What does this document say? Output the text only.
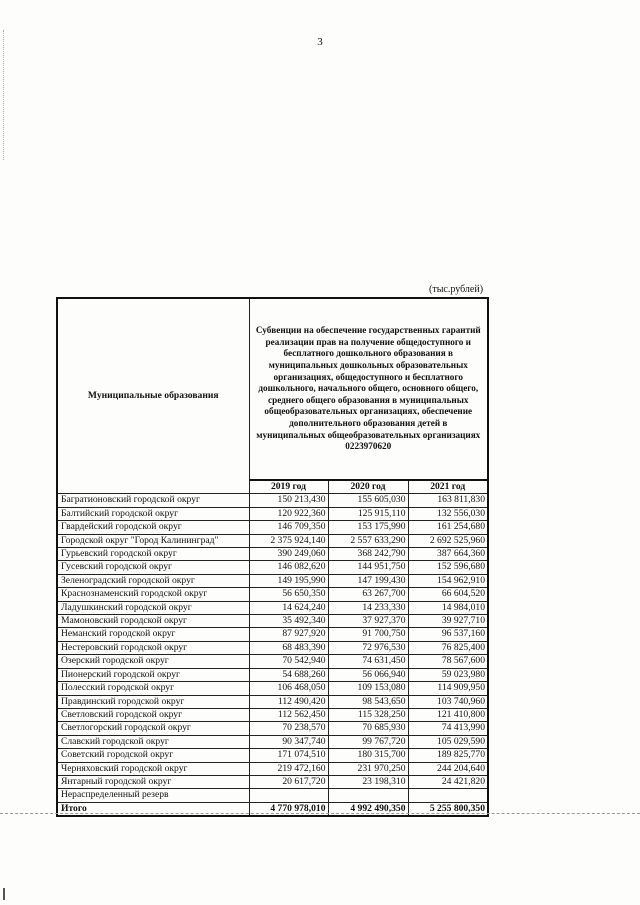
3
(тыс.рублей)
Муниципальные образования	Субвенции на обеспечение государственных гарантий реализации прав на получение общедоступного и бесплатного дошкольного образования в муниципальных дошкольных образовательных организациях, общедоступного и бесплатного дошкольного, начального общего, основного общего, среднего общего образования в муниципальных общеобразовательных организациях, обеспечение дополнительного образования детей в муниципальных общеобразовательных организациях 0223970620		
	2019 год	2020 год	2021 год
Багратионовский городской округ	150 213,430	155 605,030	163 811,830
Балтийский городской округ	120 922,360	125 915,110	132 556,030
Гвардейский городской округ	146 709,350	153 175,990	161 254,680
Городской округ "Город Калининград"	2 375 924,140	2 557 633,290	2 692 525,960
Гурьевский городской округ	390 249,060	368 242,790	387 664,360
Гусевский городской округ	146 082,620	144 951,750	152 596,680
Зеленоградский городской округ	149 195,990	147 199,430	154 962,910
Краснознаменский городской округ	56 650,350	63 267,700	66 604,520
Ладушкинский городской округ	14 624,240	14 233,330	14 984,010
Мамоновский городской округ	35 492,340	37 927,370	39 927,710
Неманский городской округ	87 927,920	91 700,750	96 537,160
Нестеровский городской округ	68 483,390	72 976,530	76 825,400
Озерский городской округ	70 542,940	74 631,450	78 567,600
Пионерский городской округ	54 688,260	56 066,940	59 023,980
Полесский городской округ	106 468,050	109 153,080	114 909,950
Правдинский городской округ	112 490,420	98 543,650	103 740,960
Светловский городской округ	112 562,450	115 328,250	121 410,800
Светлогорский городской округ	70 238,570	70 685,930	74 413,990
Славский городской округ	90 347,740	99 767,720	105 029,590
Советский городской округ	171 074,510	180 315,700	189 825,770
Черняховский городской округ	219 472,160	231 970,250	244 204,640
Янтарный городской округ	20 617,720	23 198,310	24 421,820
Нераспределенный резерв			
Итого	4 770 978,010	4 992 490,350	5 255 800,350
